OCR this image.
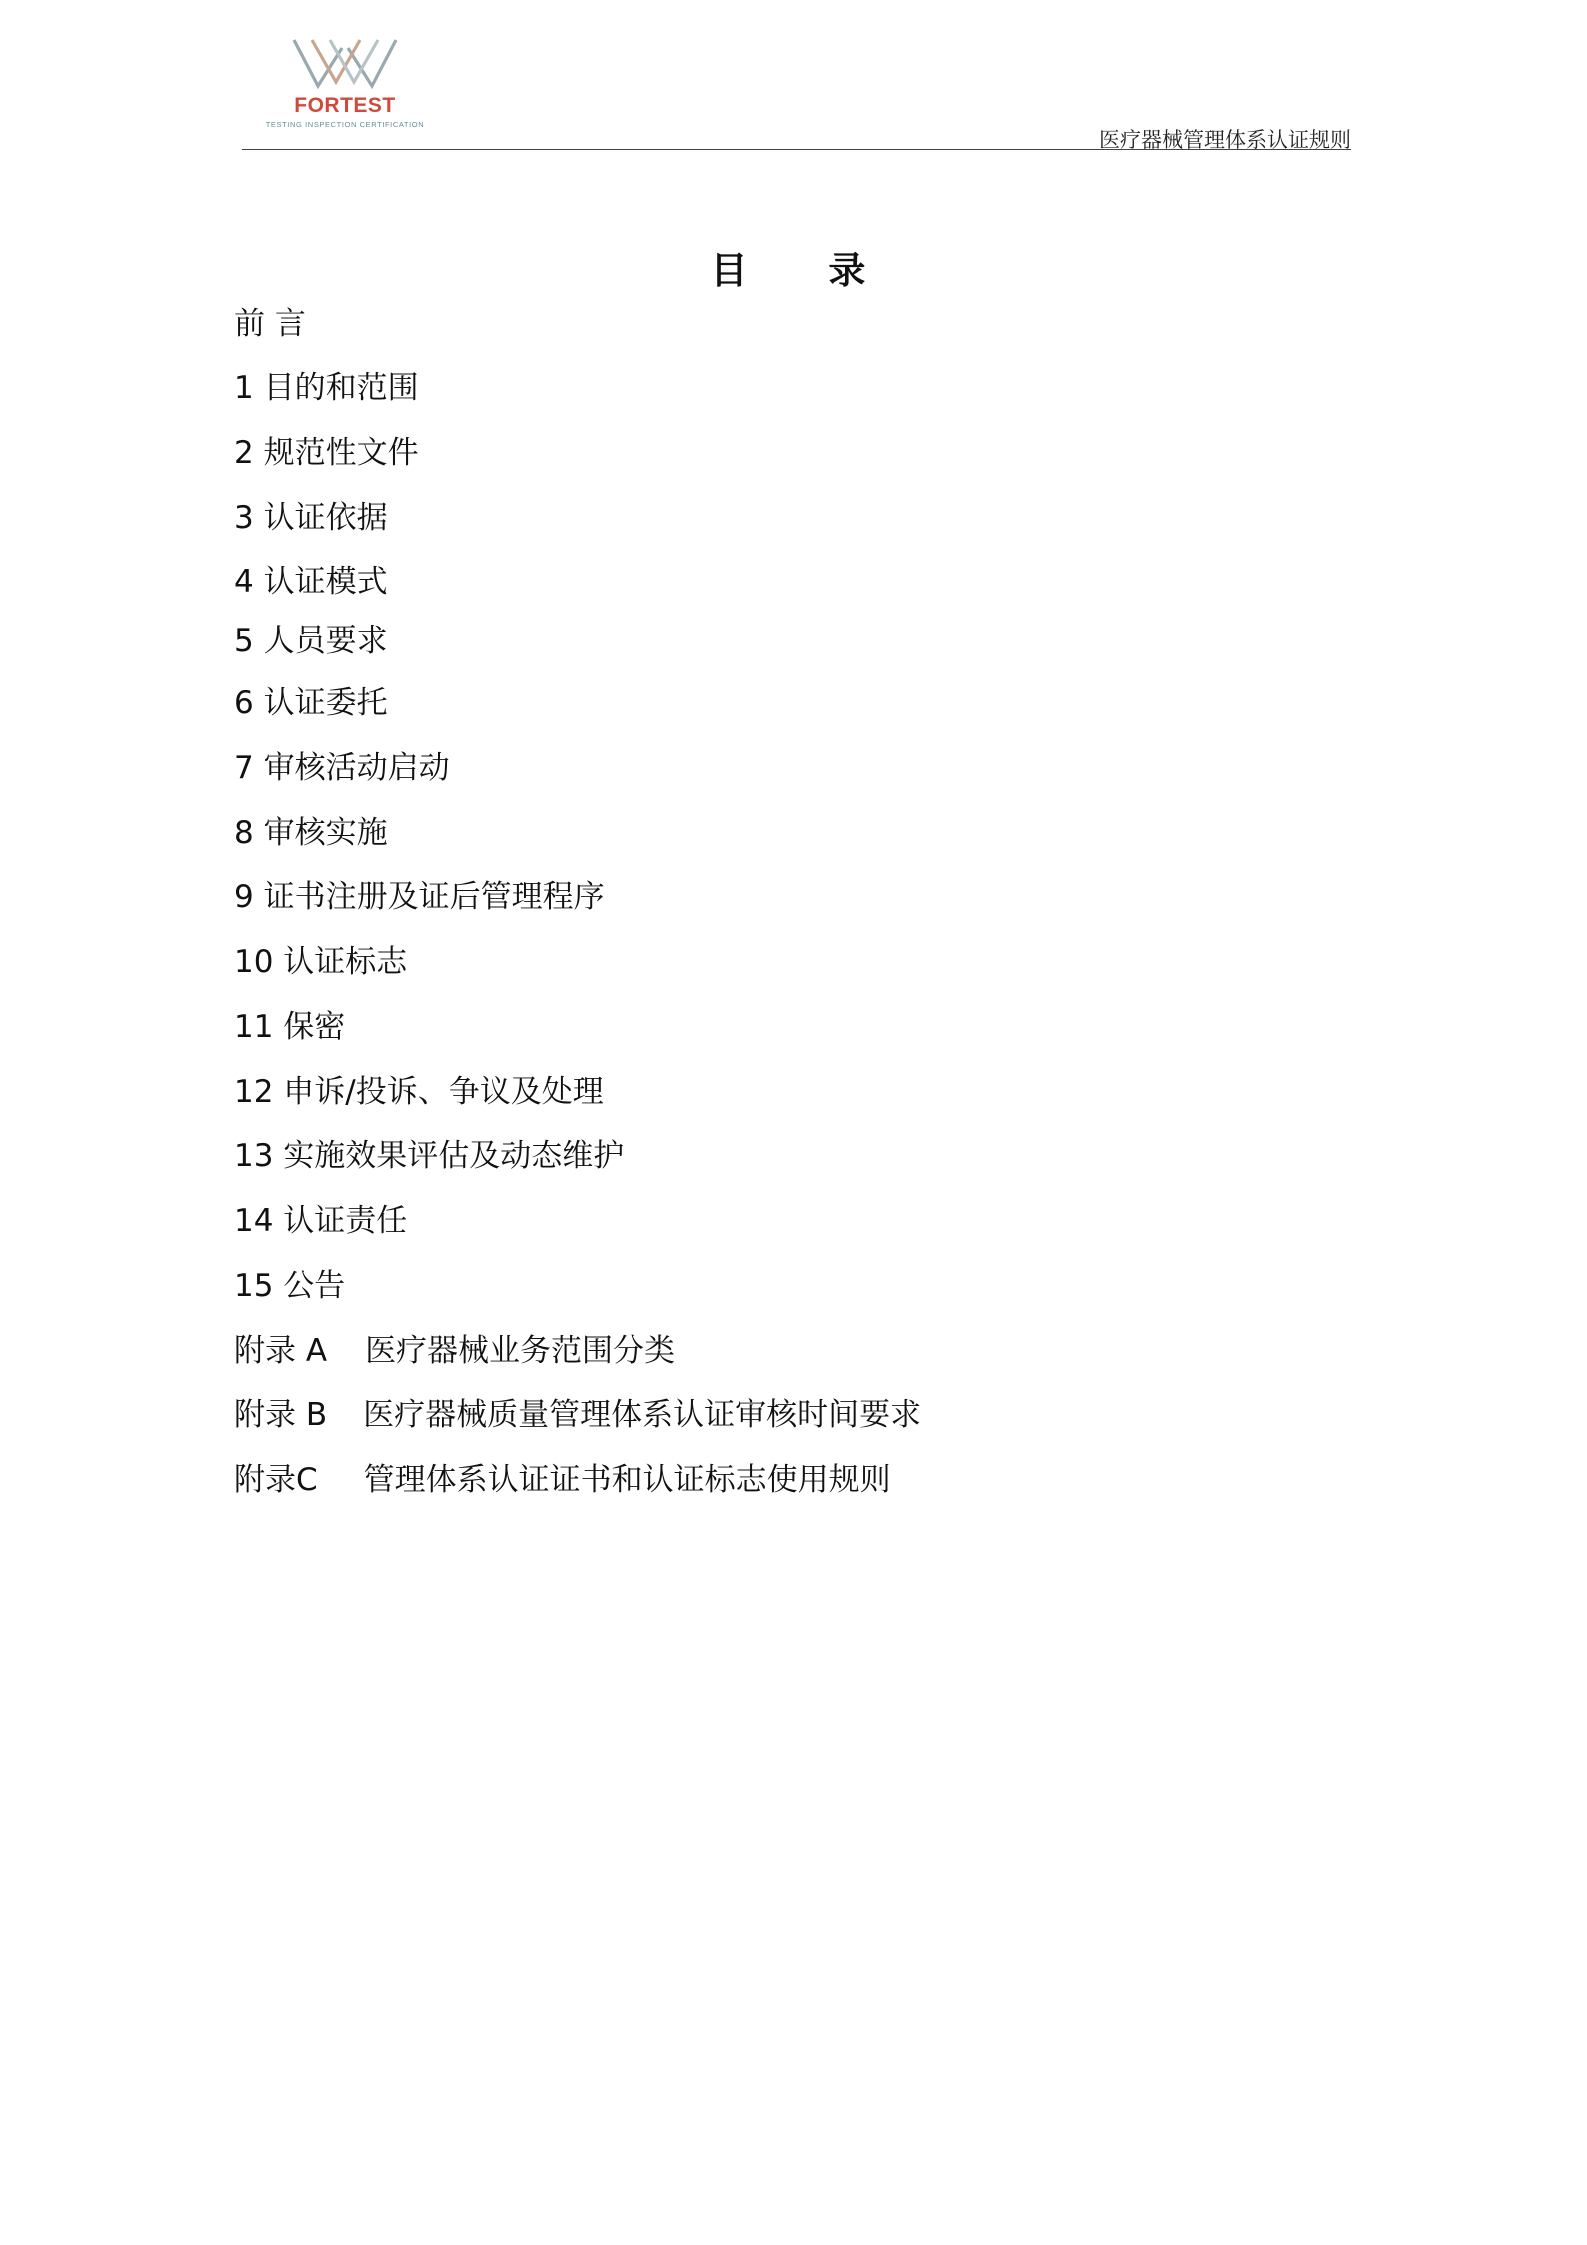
FORTEST
TESTING INSPECTION CERTIFICATION
医疗器械管理体系认证规则
目 录
前 言
1 目的和范围
2 规范性文件
3 认证依据
4 认证模式
5 人员要求
6 认证委托
7 审核活动启动
8 审核实施
9 证书注册及证后管理程序
10 认证标志
11 保密
12 申诉/投诉、争议及处理
13 实施效果评估及动态维护
14 认证责任
15 公告
附录 A 医疗器械业务范围分类
附录 B 医疗器械质量管理体系认证审核时间要求
附录C 管理体系认证证书和认证标志使用规则
